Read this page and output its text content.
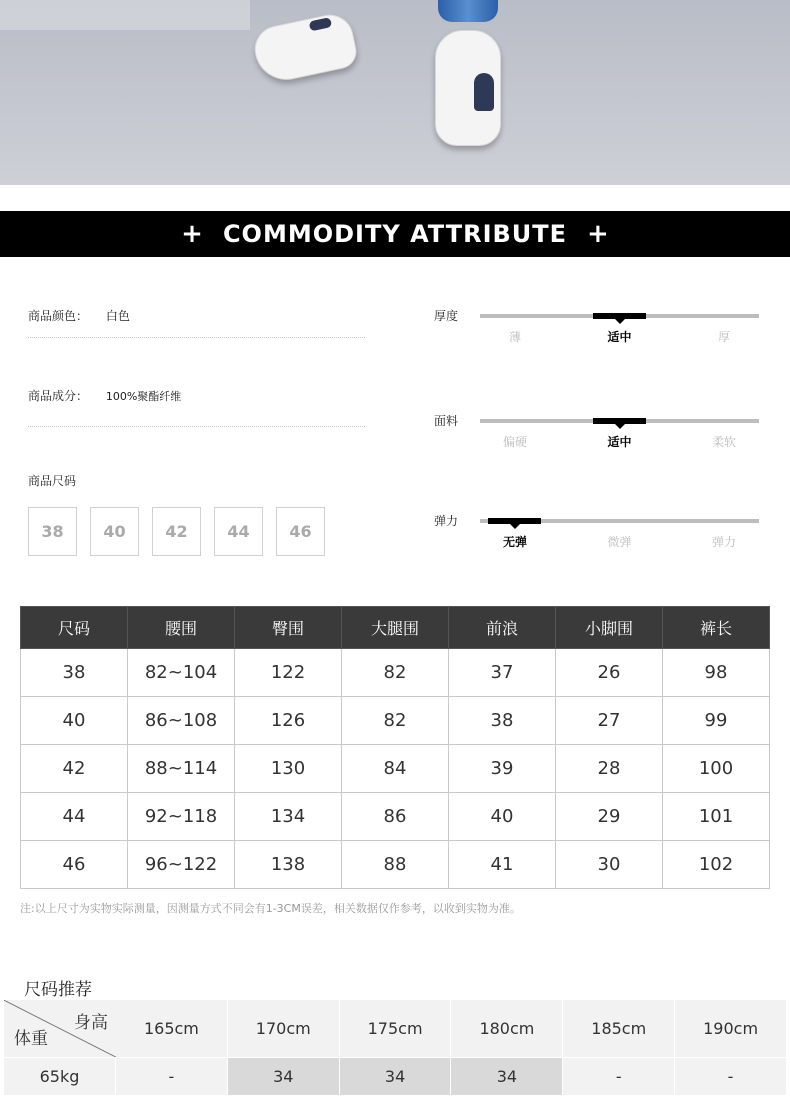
+ COMMODITY ATTRIBUTE +
商品颜色： 白色
商品成分： 100%聚酯纤维
商品尺码
38	40	42	44	46
厚度
薄	适中	厚
面料
偏硬	适中	柔软
弹力
无弹	微弹	弹力
尺码	腰围	臀围	大腿围	前浪	小脚围	裤长
38	82~104	122	82	37	26	98
40	86~108	126	82	38	27	99
42	88~114	130	84	39	28	100
44	92~118	134	86	40	29	101
46	96~122	138	88	41	30	102
注:以上尺寸为实物实际测量，因测量方式不同会有1-3CM误差，相关数据仅作参考，以收到实物为准。
尺码推荐
身高
体重	165cm	170cm	175cm	180cm	185cm	190cm
65kg	-	34	34	34	-	-
